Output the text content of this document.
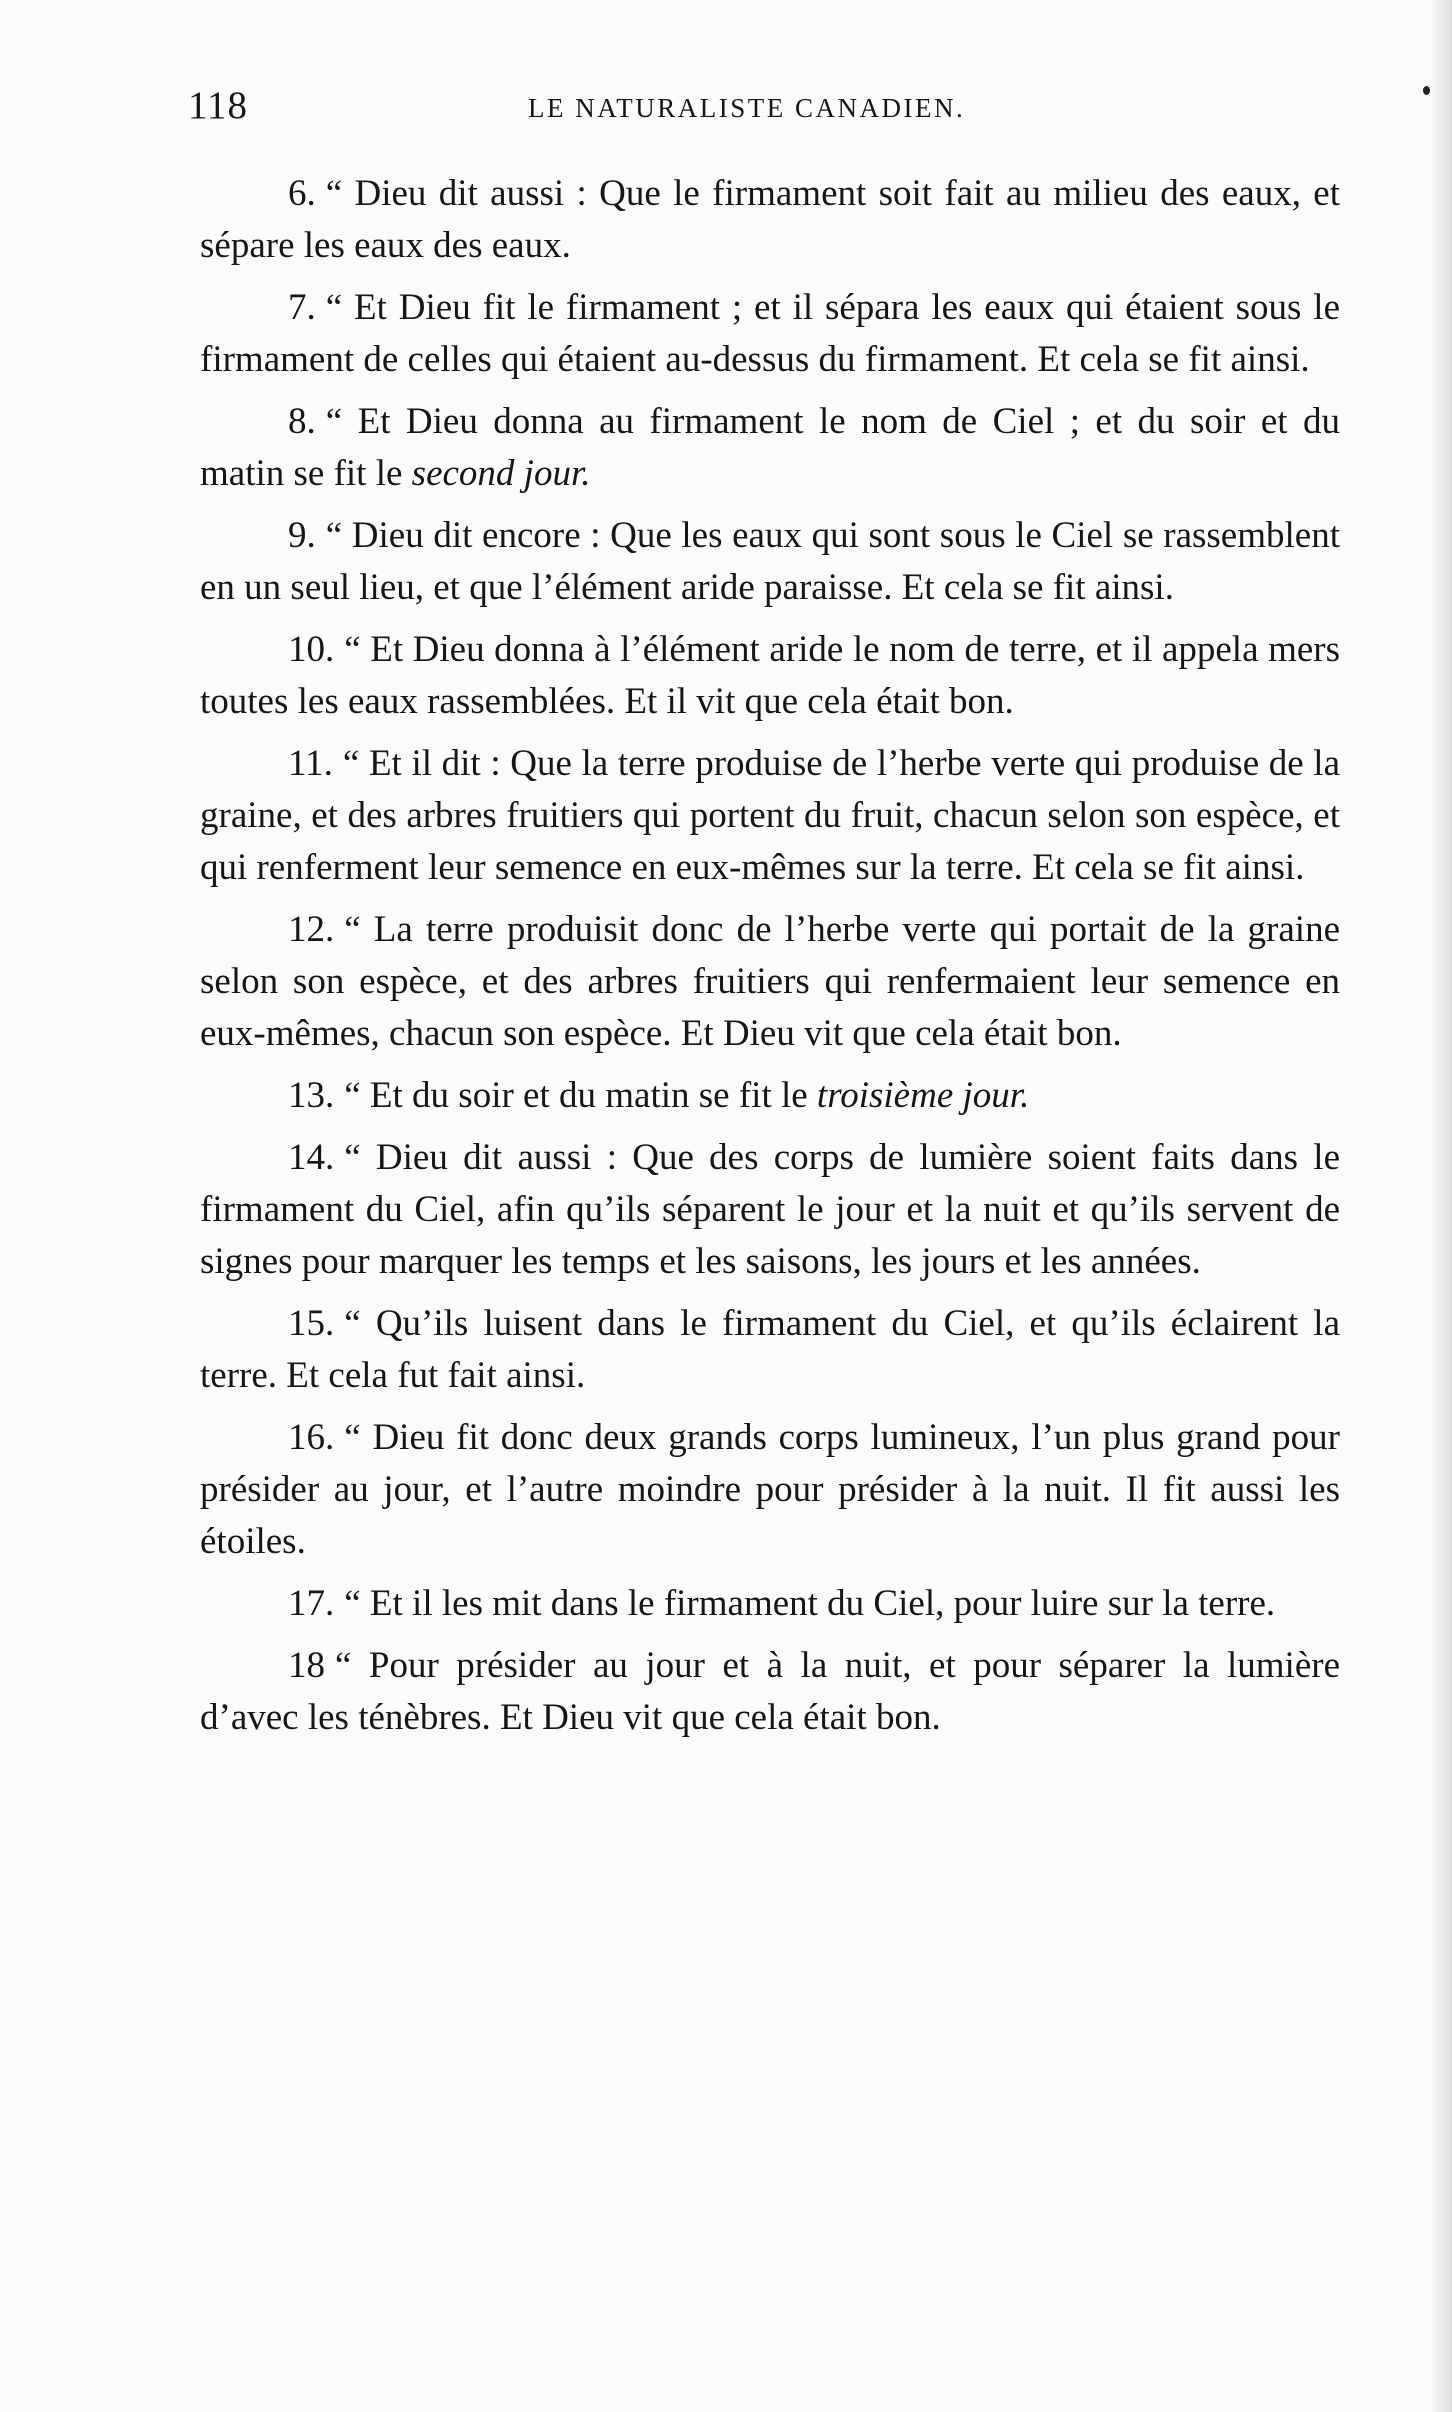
118	LE NATURALISTE CANADIEN.

6. “ Dieu dit aussi : Que le firmament soit fait au milieu des eaux, et sépare les eaux des eaux.

7. “ Et Dieu fit le firmament ; et il sépara les eaux qui étaient sous le firmament de celles qui étaient au-dessus du firmament. Et cela se fit ainsi.

8. “ Et Dieu donna au firmament le nom de Ciel ; et du soir et du matin se fit le second jour.

9. “ Dieu dit encore : Que les eaux qui sont sous le Ciel se rassemblent en un seul lieu, et que l’élément aride paraisse. Et cela se fit ainsi.

10. “ Et Dieu donna à l’élément aride le nom de terre, et il appela mers toutes les eaux rassemblées. Et il vit que cela était bon.

11. “ Et il dit : Que la terre produise de l’herbe verte qui produise de la graine, et des arbres fruitiers qui portent du fruit, chacun selon son espèce, et qui renferment leur semence en eux-mêmes sur la terre. Et cela se fit ainsi.

12. “ La terre produisit donc de l’herbe verte qui portait de la graine selon son espèce, et des arbres fruitiers qui renfermaient leur semence en eux-mêmes, chacun son espèce. Et Dieu vit que cela était bon.

13. “ Et du soir et du matin se fit le troisième jour.

14. “ Dieu dit aussi : Que des corps de lumière soient faits dans le firmament du Ciel, afin qu’ils séparent le jour et la nuit et qu’ils servent de signes pour marquer les temps et les saisons, les jours et les années.

15. “ Qu’ils luisent dans le firmament du Ciel, et qu’ils éclairent la terre. Et cela fut fait ainsi.

16. “ Dieu fit donc deux grands corps lumineux, l’un plus grand pour présider au jour, et l’autre moindre pour présider à la nuit. Il fit aussi les étoiles.

17. “ Et il les mit dans le firmament du Ciel, pour luire sur la terre.

18 “ Pour présider au jour et à la nuit, et pour séparer la lumière d’avec les ténèbres. Et Dieu vit que cela était bon.
